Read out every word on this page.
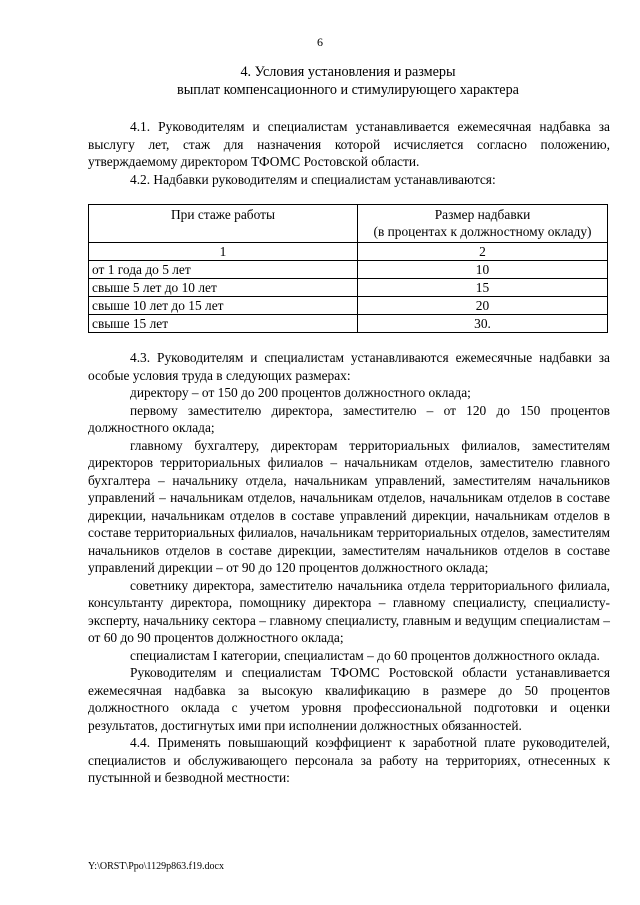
6
4. Условия установления и размеры
выплат компенсационного и стимулирующего характера

4.1. Руководителям и специалистам устанавливается ежемесячная надбавка за выслугу лет, стаж для назначения которой исчисляется согласно положению, утверждаемому директором ТФОМС Ростовской области.

4.2. Надбавки руководителям и специалистам устанавливаются:

При стаже работы	Размер надбавки
(в процентах к должностному окладу)

1	2
от 1 года до 5 лет	10
свыше 5 лет до 10 лет	15
свыше 10 лет до 15 лет	20
свыше 15 лет	30.

4.3. Руководителям и специалистам устанавливаются ежемесячные надбавки за особые условия труда в следующих размерах:

директору – от 150 до 200 процентов должностного оклада;

первому заместителю директора, заместителю – от 120 до 150 процентов должностного оклада;

главному бухгалтеру, директорам территориальных филиалов, заместителям директоров территориальных филиалов – начальникам отделов, заместителю главного бухгалтера – начальнику отдела, начальникам управлений, заместителям начальников управлений – начальникам отделов, начальникам отделов, начальникам отделов в составе дирекции, начальникам отделов в составе управлений дирекции, начальникам отделов в составе территориальных филиалов, начальникам территориальных отделов, заместителям начальников отделов в составе дирекции, заместителям начальников отделов в составе управлений дирекции – от 90 до 120 процентов должностного оклада;

советнику директора, заместителю начальника отдела территориального филиала, консультанту директора, помощнику директора – главному специалисту, специалисту-эксперту, начальнику сектора – главному специалисту, главным и ведущим специалистам – от 60 до 90 процентов должностного оклада;

специалистам I категории, специалистам – до 60 процентов должностного оклада.

Руководителям и специалистам ТФОМС Ростовской области устанавливается ежемесячная надбавка за высокую квалификацию в размере до 50 процентов должностного оклада с учетом уровня профессиональной подготовки и оценки результатов, достигнутых ими при исполнении должностных обязанностей.

4.4. Применять повышающий коэффициент к заработной плате руководителей, специалистов и обслуживающего персонала за работу на территориях, отнесенных к пустынной и безводной местности:

Y:\ORST\Ppo\1129p863.f19.docx
